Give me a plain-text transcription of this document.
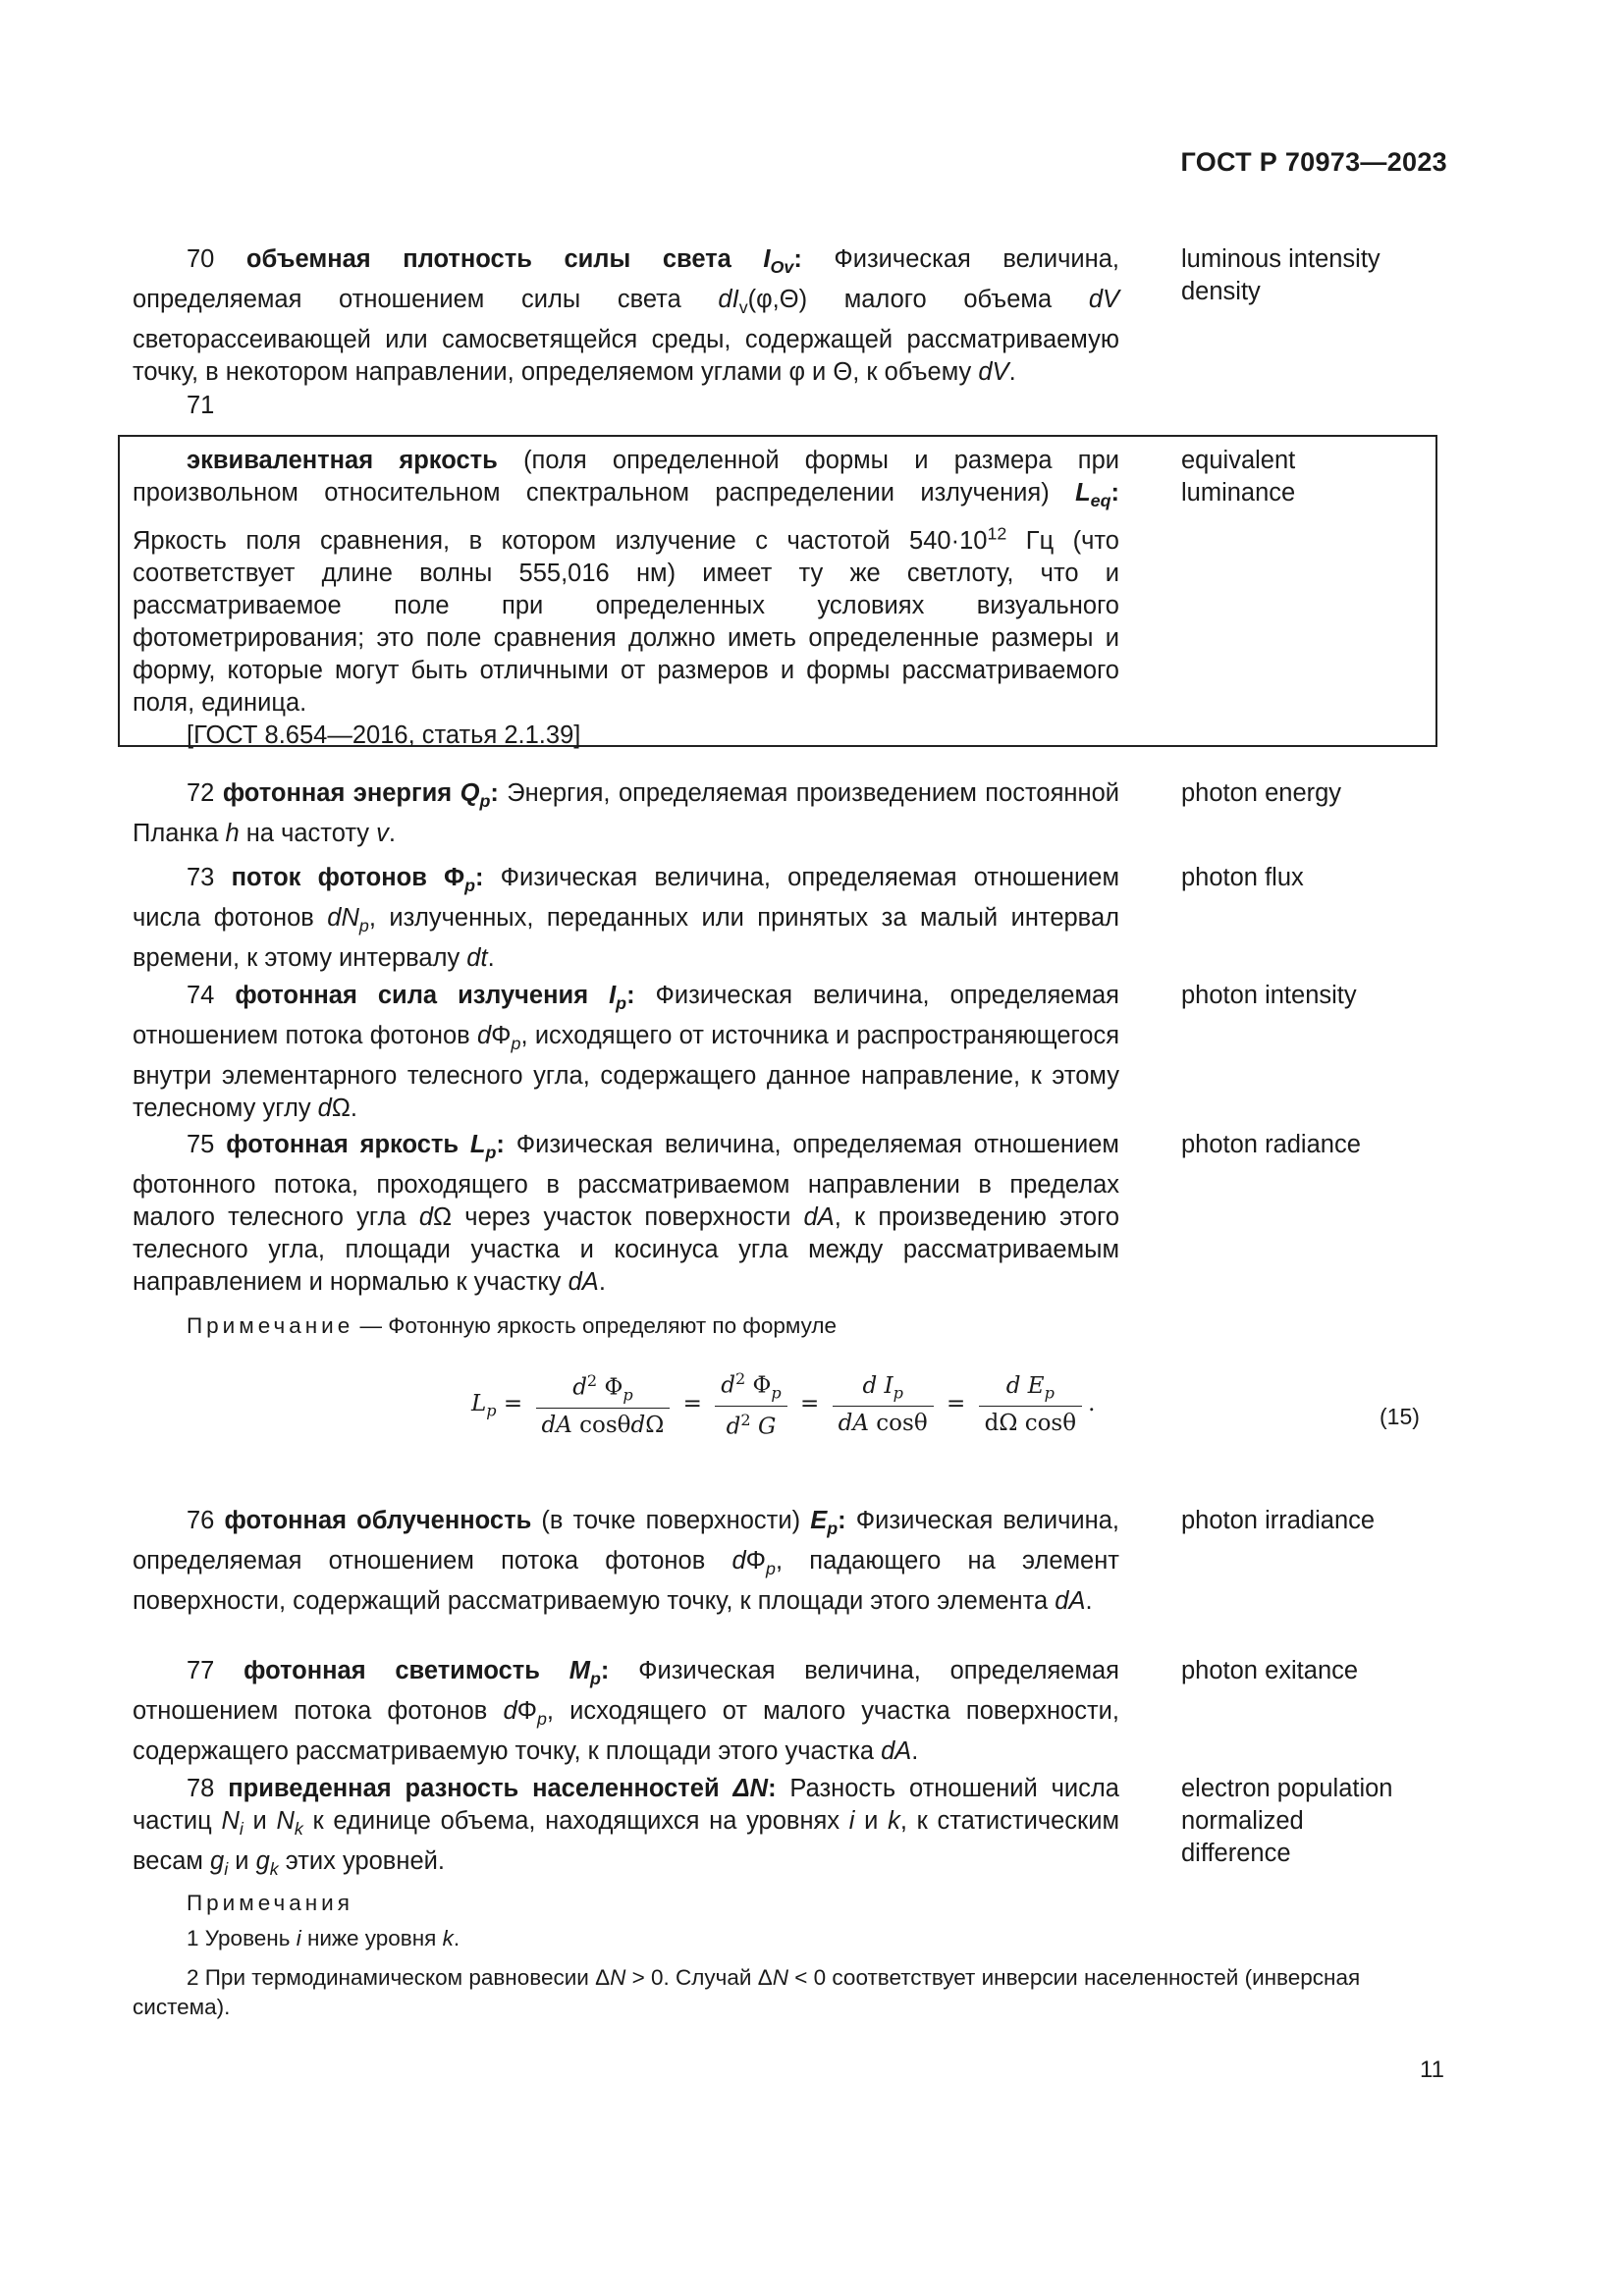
ГОСТ Р 70973—2023

70 объемная плотность силы света $I_{Ov}$: Физическая величина, определяемая отношением силы света $dI_v(\varphi,\Theta)$ малого объема dV светорассеивающей или самосветящейся среды, содержащей рассматриваемую точку, в некотором направлении, определяемом углами φ и Θ, к объему dV.

luminous intensity
density
71

эквивалентная яркость (поля определенной формы и размера при произвольном относительном спектральном распределении излучения) $L_{eq}$: Яркость поля сравнения, в котором излучение с частотой $540\cdot 10^{12}$ Гц (что соответствует длине волны 555,016 нм) имеет ту же светлоту, что и рассматриваемое поле при определенных условиях визуального фотометрирования; это поле сравнения должно иметь определенные размеры и форму, которые могут быть отличными от размеров и формы рассматриваемого поля, единица.

[ГОСТ 8.654—2016, статья 2.1.39]

equivalent
luminance

72 фотонная энергия $Q_p$: Энергия, определяемая произведением постоянной Планка h на частоту v.

photon energy

73 поток фотонов $\Phi_p$: Физическая величина, определяемая отношением числа фотонов $dN_p$, излученных, переданных или принятых за малый интервал времени, к этому интервалу dt.

photon flux

74 фотонная сила излучения $I_p$: Физическая величина, определяемая отношением потока фотонов $d\Phi_p$, исходящего от источника и распространяющегося внутри элементарного телесного угла, содержащего данное направление, к этому телесному углу dΩ.

photon intensity

75 фотонная яркость $L_p$: Физическая величина, определяемая отношением фотонного потока, проходящего в рассматриваемом направлении в пределах малого телесного угла dΩ через участок поверхности dA, к произведению этого телесного угла, площади участка и косинуса угла между рассматриваемым направлением и нормалью к участку dA.

photon radiance
Примечание — Фотонную яркость определяют по формуле
$L_p = \frac{d^2 \Phi_p}{\text{dA cosθdΩ}} = \frac{d^2 \Phi_p}{d^2 G} = \frac{d I_p}{\text{dA cosθ}} = \frac{d E_p}{\text{dΩ cosθ}}$ .
(15)

76 фотонная облученность (в точке поверхности) $E_p$: Физическая величина, определяемая отношением потока фотонов $d\Phi_p$, падающего на элемент поверхности, содержащий рассматриваемую точку, к площади этого элемента dA.

photon irradiance

77 фотонная светимость $M_p$: Физическая величина, определяемая отношением потока фотонов $d\Phi_p$, исходящего от малого участка поверхности, содержащего рассматриваемую точку, к площади этого участка dA.

photon exitance

78 приведенная разность населенностей ΔN: Разность отношений числа частиц $N_i$ и $N_k$ к единице объема, находящихся на уровнях i и k, к статистическим весам $g_i$ и $g_k$ этих уровней.

electron population
normalized
difference
Примечания
1 Уровень i ниже уровня k.
2 При термодинамическом равновесии ΔN > 0. Случай ΔN < 0 соответствует инверсии населенностей (инверсная система).
11
